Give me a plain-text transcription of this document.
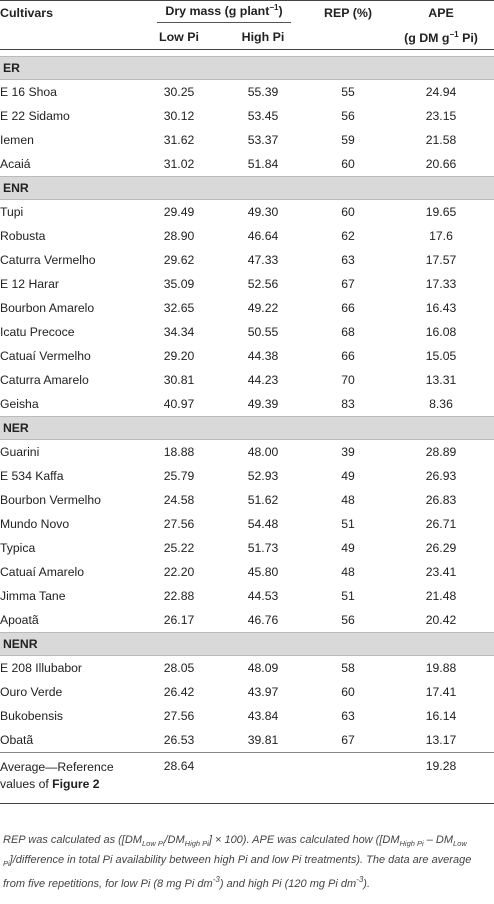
Cultivars	Dry mass (g plant$^{-1}$)		REP (%)	APE
	Low Pi	High Pi		(g DM $g^{-1}$ Pi)

ER				
E 16 Shoa	30.25	55.39	55	24.94
E 22 Sidamo	30.12	53.45	56	23.15
Iemen	31.62	53.37	59	21.58
Acaiá	31.02	51.84	60	20.66
ENR				
Tupi	29.49	49.30	60	19.65
Robusta	28.90	46.64	62	17.6
Caturra Vermelho	29.62	47.33	63	17.57
E 12 Harar	35.09	52.56	67	17.33
Bourbon Amarelo	32.65	49.22	66	16.43
Icatu Precoce	34.34	50.55	68	16.08
Catuaí Vermelho	29.20	44.38	66	15.05
Caturra Amarelo	30.81	44.23	70	13.31
Geisha	40.97	49.39	83	8.36
NER				
Guarini	18.88	48.00	39	28.89
E 534 Kaffa	25.79	52.93	49	26.93
Bourbon Vermelho	24.58	51.62	48	26.83
Mundo Novo	27.56	54.48	51	26.71
Typica	25.22	51.73	49	26.29
Catuaí Amarelo	22.20	45.80	48	23.41
Jimma Tane	22.88	44.53	51	21.48
Apoatã	26.17	46.76	56	20.42
NENR				
E 208 Illubabor	28.05	48.09	58	19.88
Ouro Verde	26.42	43.97	60	17.41
Bukobensis	27.56	43.84	63	16.14
Obatã	26.53	39.81	67	13.17
Average—Reference
values of Figure 2	28.64			19.28
REP was calculated as $([DM_{Low Pi}/DM_{High Pi}] \times 100)$. APE was calculated how ([$DM_{High Pi}$ – $DM_{Low Pi}$]/difference in total Pi availability between high Pi and low Pi treatments). The data are average from five repetitions, for low Pi (8 mg Pi $dm^{-3}$) and high Pi (120 mg Pi $dm^{-3}$).
